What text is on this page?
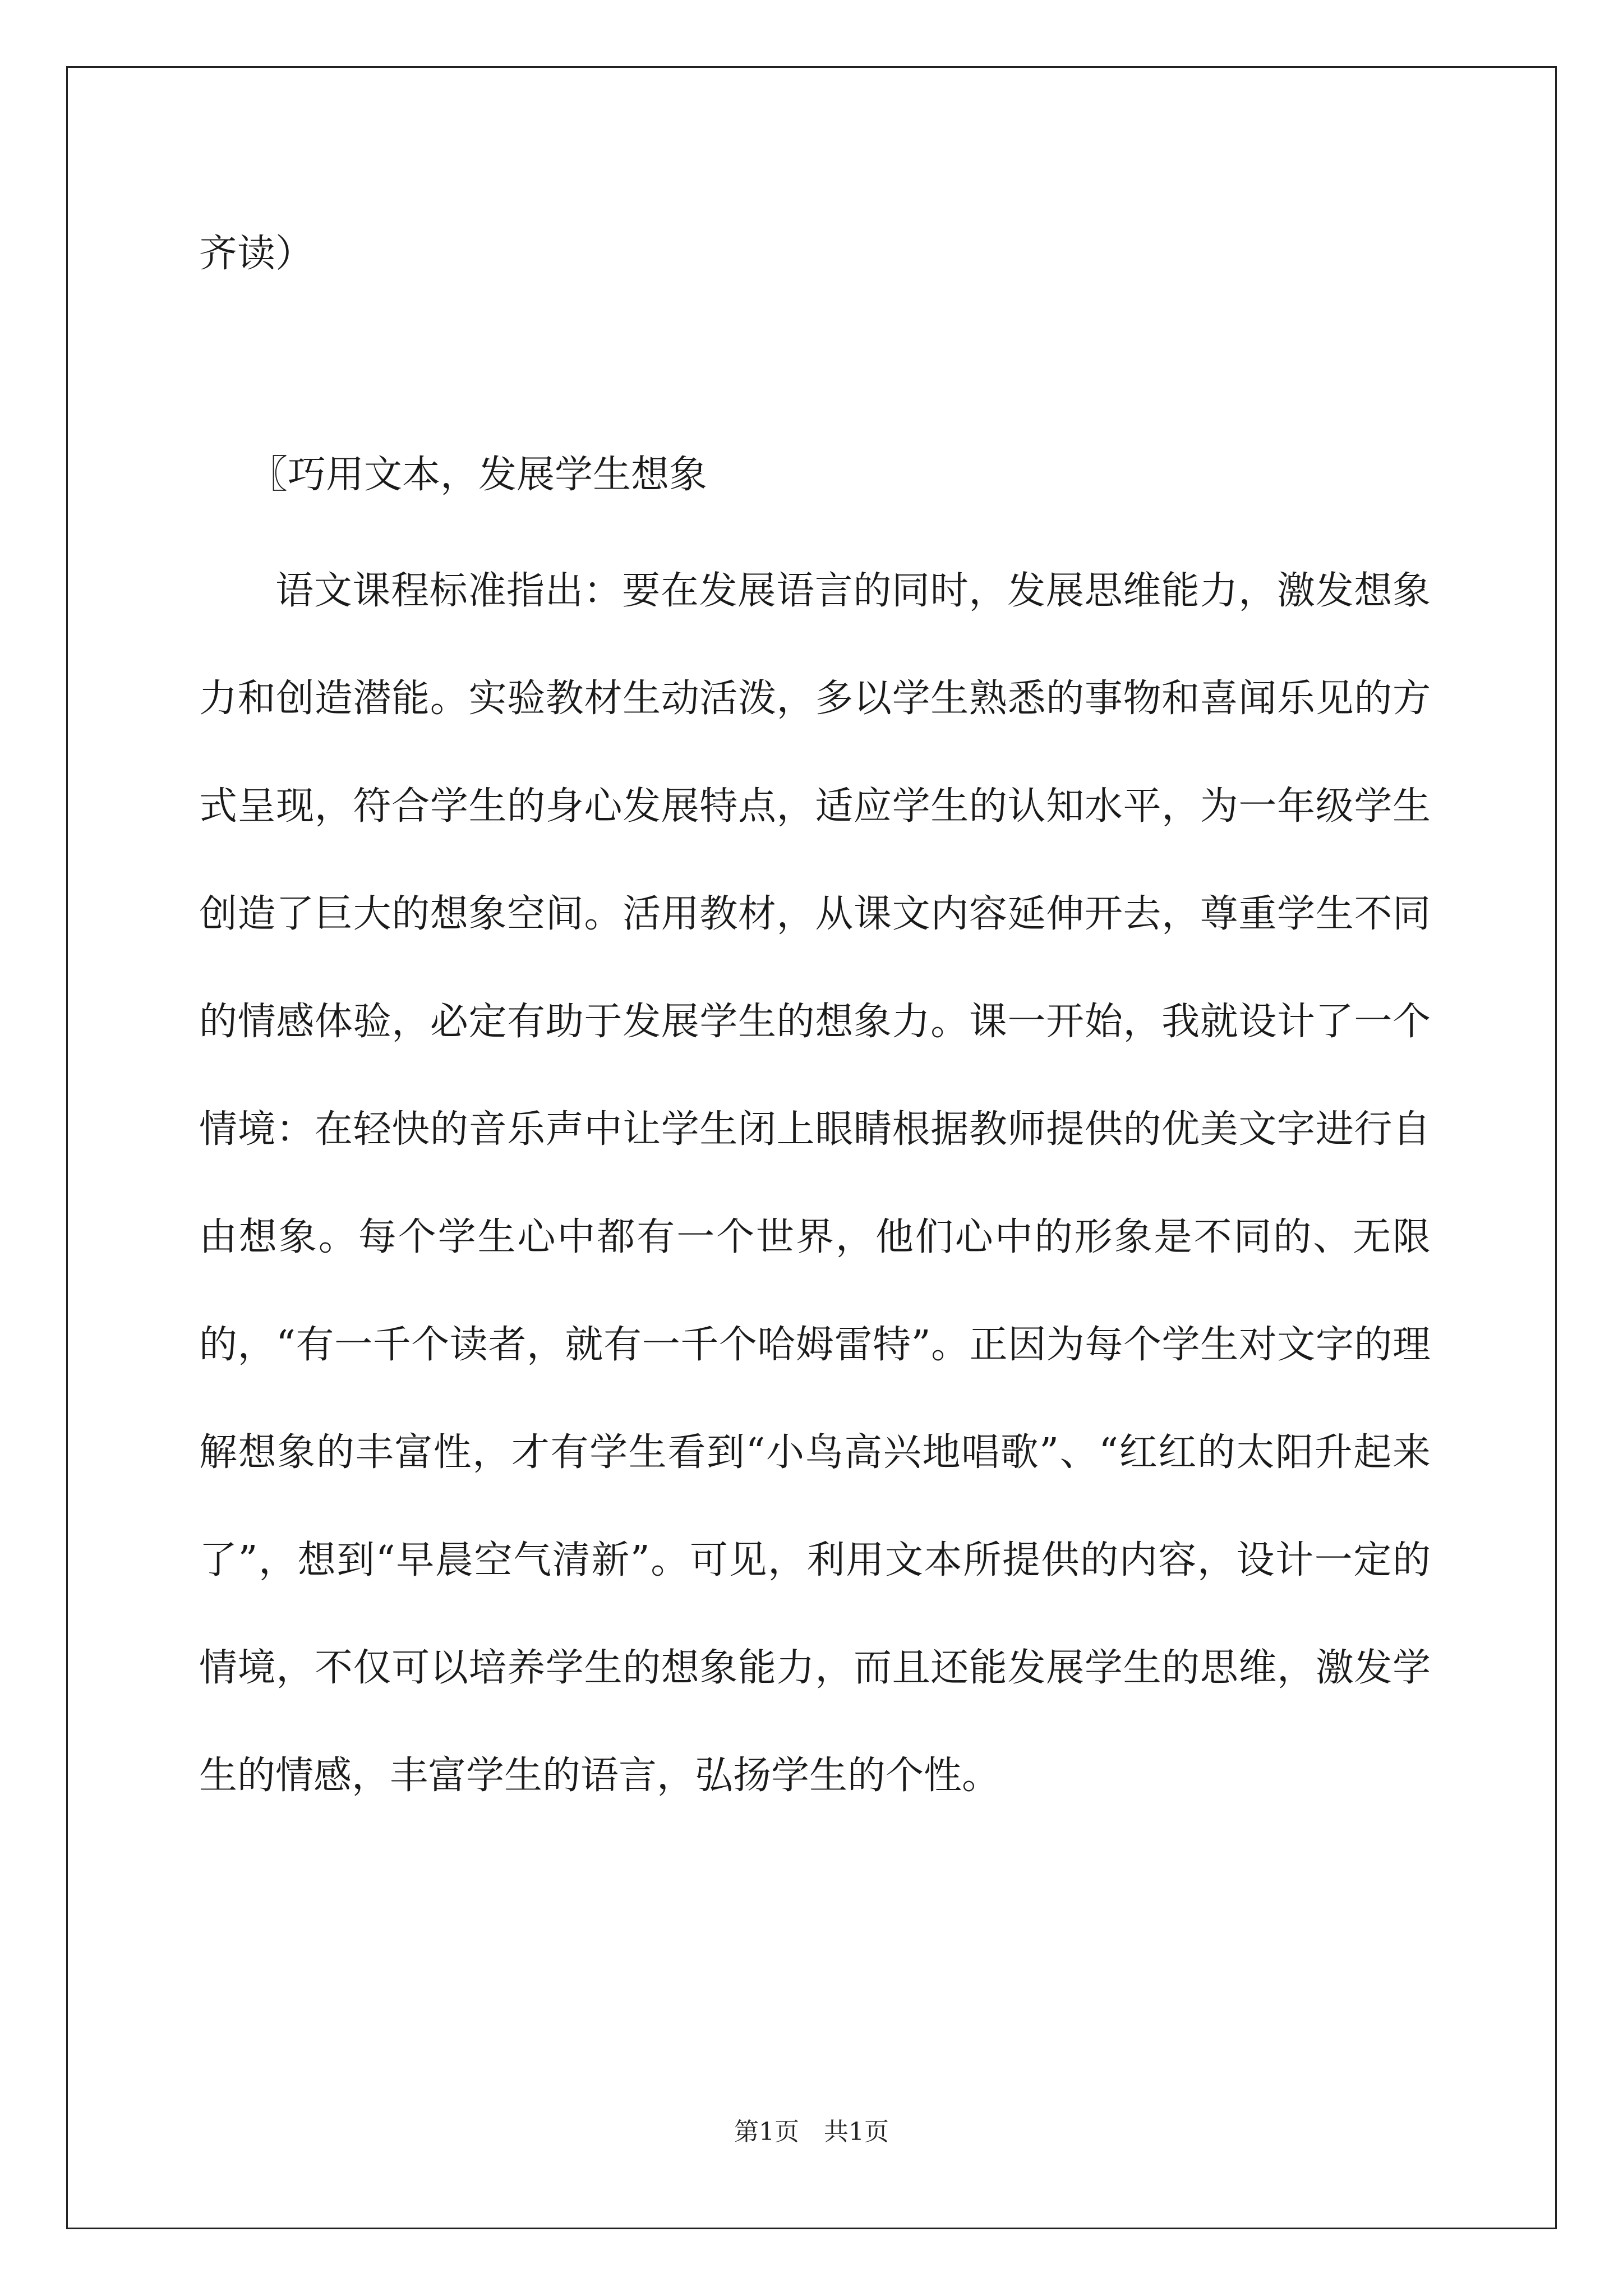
齐读）
〖巧用文本，发展学生想象
语文课程标准指出：要在发展语言的同时，发展思维能力，激发想象力和创造潜能。实验教材生动活泼，多以学生熟悉的事物和喜闻乐见的方式呈现，符合学生的身心发展特点，适应学生的认知水平，为一年级学生创造了巨大的想象空间。活用教材，从课文内容延伸开去，尊重学生不同的情感体验，必定有助于发展学生的想象力。课一开始，我就设计了一个情境：在轻快的音乐声中让学生闭上眼睛根据教师提供的优美文字进行自由想象。每个学生心中都有一个世界，他们心中的形象是不同的、无限的，“有一千个读者，就有一千个哈姆雷特”。正因为每个学生对文字的理解想象的丰富性，才有学生看到“小鸟高兴地唱歌”、“红红的太阳升起来了”，想到“早晨空气清新”。可见，利用文本所提供的内容，设计一定的情境，不仅可以培养学生的想象能力，而且还能发展学生的思维，激发学生的情感，丰富学生的语言，弘扬学生的个性。
第1页　共1页
